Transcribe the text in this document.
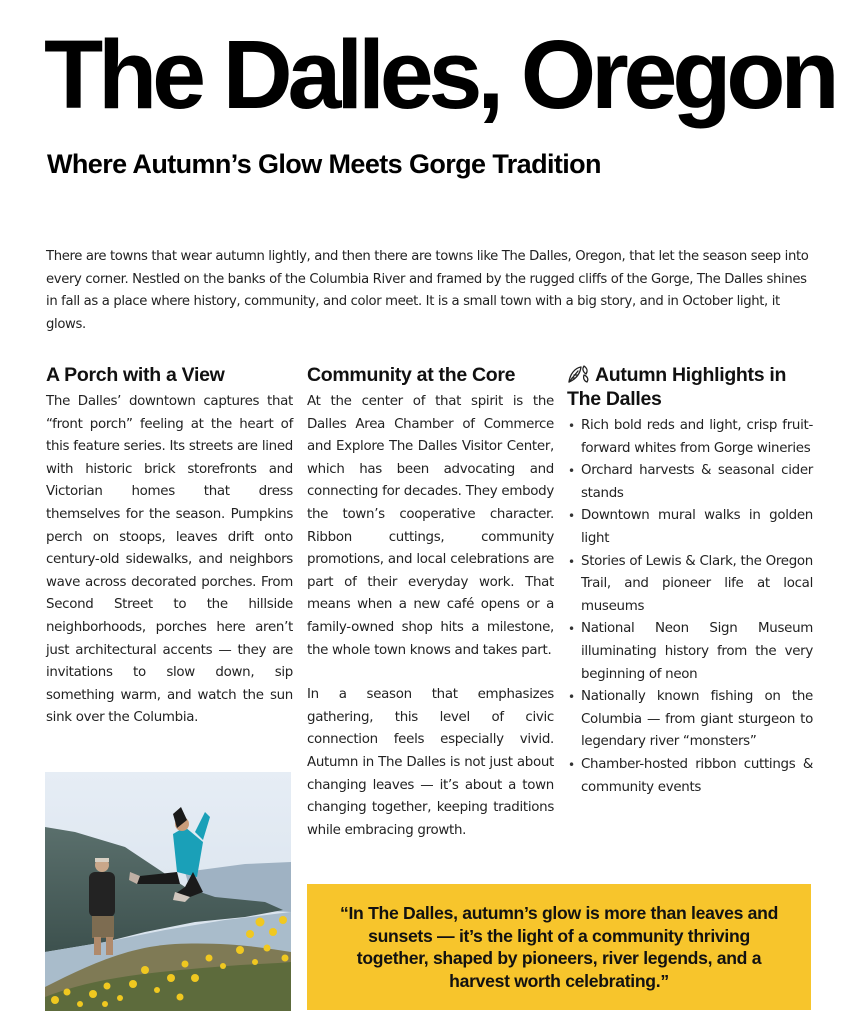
The Dalles, Oregon
Where Autumn’s Glow Meets Gorge Tradition

There are towns that wear autumn lightly, and then there are towns like The Dalles, Oregon, that let the season seep into every corner. Nestled on the banks of the Columbia River and framed by the rugged cliffs of the Gorge, The Dalles shines in fall as a place where history, community, and color meet. It is a small town with a big story, and in October light, it glows.

A Porch with a View

The Dalles’ downtown captures that “front porch” feeling at the heart of this feature series. Its streets are lined with historic brick storefronts and Victorian homes that dress themselves for the season. Pumpkins perch on stoops, leaves drift onto century-old sidewalks, and neighbors wave across decorated porches. From Second Street to the hillside neighborhoods, porches here aren’t just architectural accents — they are invitations to slow down, sip something warm, and watch the sun sink over the Columbia.

Community at the Core

At the center of that spirit is the Dalles Area Chamber of Commerce and Explore The Dalles Visitor Center, which has been advocating and connecting for decades. They embody the town’s cooperative character. Ribbon cuttings, community promotions, and local celebrations are part of their everyday work. That means when a new café opens or a family-owned shop hits a milestone, the whole town knows and takes part.

In a season that emphasizes gathering, this level of civic connection feels especially vivid. Autumn in The Dalles is not just about changing leaves — it’s about a town changing together, keeping traditions while embracing growth.

Autumn Highlights in The Dalles
• Rich bold reds and light, crisp fruit-forward whites from Gorge wineries
• Orchard harvests & seasonal cider stands
• Downtown mural walks in golden light
• Stories of Lewis & Clark, the Oregon Trail, and pioneer life at local museums
• National Neon Sign Museum illuminating history from the very beginning of neon
• Nationally known fishing on the Columbia — from giant sturgeon to legendary river “monsters”
• Chamber-hosted ribbon cuttings & community events

“In The Dalles, autumn’s glow is more than leaves and sunsets — it’s the light of a community thriving together, shaped by pioneers, river legends, and a harvest worth celebrating.”
